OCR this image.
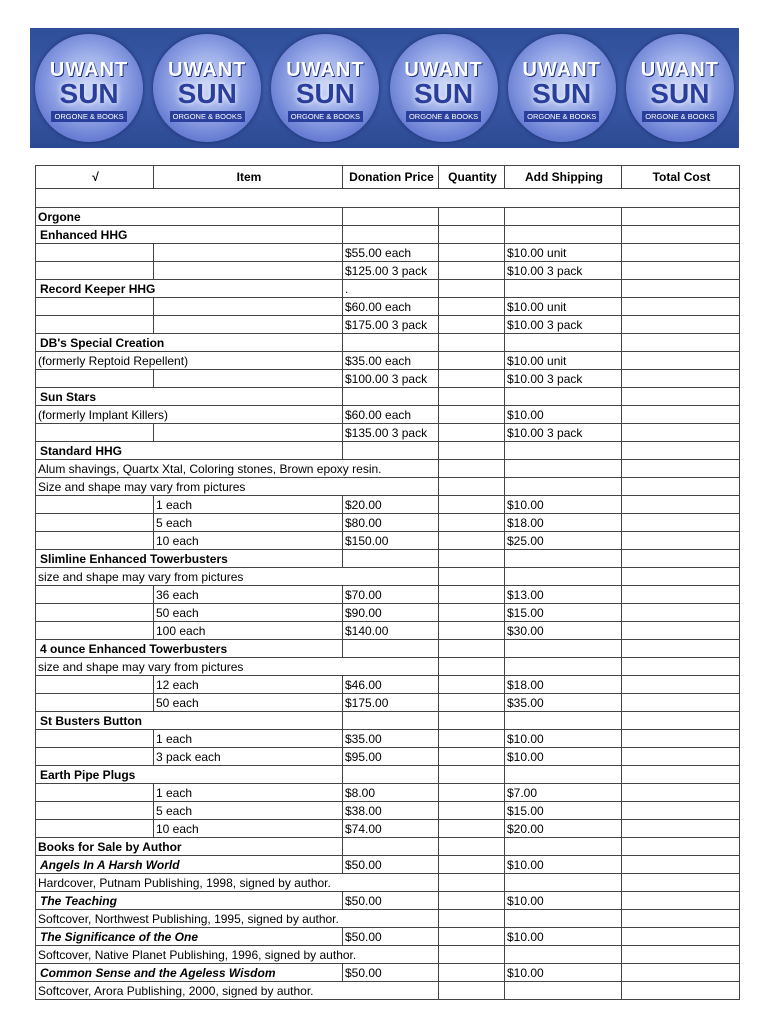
UWANT
SUN
ORGONE & BOOKS
UWANT
SUN
ORGONE & BOOKS
UWANT
SUN
ORGONE & BOOKS
UWANT
SUN
ORGONE & BOOKS
UWANT
SUN
ORGONE & BOOKS
UWANT
SUN
ORGONE & BOOKS
√	Item	Donation Price	Quantity	Add Shipping	Total Cost

Orgone					
Enhanced HHG					
		$55.00 each		$10.00 unit	
		$125.00 3 pack		$10.00 3 pack	
Record Keeper HHG		.			
		$60.00 each		$10.00 unit	
		$175.00 3 pack		$10.00 3 pack	
DB's Special Creation					
(formerly Reptoid Repellent)		$35.00 each		$10.00 unit	
		$100.00 3 pack		$10.00 3 pack	
Sun Stars					
(formerly Implant Killers)		$60.00 each		$10.00	
		$135.00 3 pack		$10.00 3 pack	
Standard HHG					
Alum shavings, Quartx Xtal, Coloring stones, Brown epoxy resin.					
Size and shape may vary from pictures					
	1 each	$20.00		$10.00	
	5 each	$80.00		$18.00	
	10 each	$150.00		$25.00	
Slimline Enhanced Towerbusters					
size and shape may vary from pictures					
	36 each	$70.00		$13.00	
	50 each	$90.00		$15.00	
	100 each	$140.00		$30.00	
4 ounce Enhanced Towerbusters					
size and shape may vary from pictures					
	12 each	$46.00		$18.00	
	50 each	$175.00		$35.00	
St Busters Button					
	1 each	$35.00		$10.00	
	3 pack each	$95.00		$10.00	
Earth Pipe Plugs					
	1 each	$8.00		$7.00	
	5 each	$38.00		$15.00	
	10 each	$74.00		$20.00	
Books for Sale by Author					
Angels In A Harsh World		$50.00		$10.00	
Hardcover, Putnam Publishing, 1998, signed by author.					
The Teaching		$50.00		$10.00	
Softcover, Northwest Publishing, 1995, signed by author.					
The Significance of the One		$50.00		$10.00	
Softcover, Native Planet Publishing, 1996, signed by author.					
Common Sense and the Ageless Wisdom		$50.00		$10.00	
Softcover, Arora Publishing, 2000, signed by author.					
